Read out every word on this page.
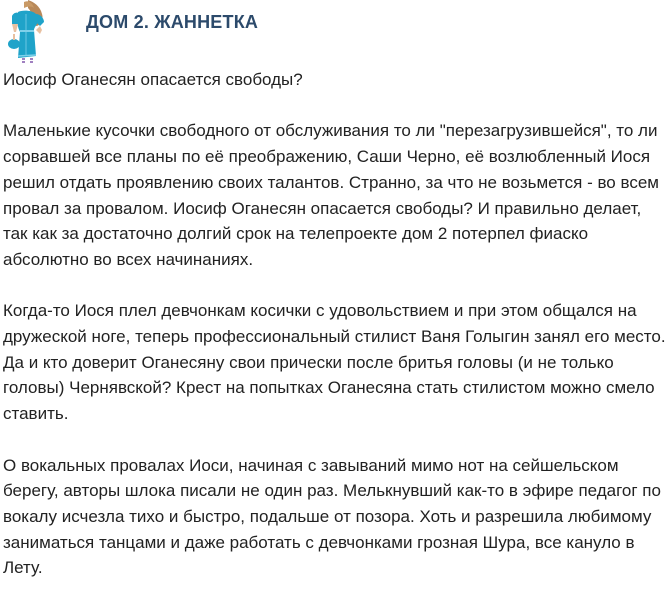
ДОМ 2. ЖАННЕТКА

Иосиф Оганесян опасается свободы?

Маленькие кусочки свободного от обслуживания то ли "перезагрузившейся", то ли сорвавшей все планы по её преображению, Саши Черно, её возлюбленный Иося решил отдать проявлению своих талантов. Странно, за что не возьмется - во всем провал за провалом. Иосиф Оганесян опасается свободы? И правильно делает, так как за достаточно долгий срок на телепроекте дом 2 потерпел фиаско абсолютно во всех начинаниях.

Когда-то Иося плел девчонкам косички с удовольствием и при этом общался на дружеской ноге, теперь профессиональный стилист Ваня Голыгин занял его место. Да и кто доверит Оганесяну свои прически после бритья головы (и не только головы) Чернявской? Крест на попытках Оганесяна стать стилистом можно смело ставить.

О вокальных провалах Иоси, начиная с завываний мимо нот на сейшельском берегу, авторы шлока писали не один раз. Мелькнувший как-то в эфире педагог по вокалу исчезла тихо и быстро, подальше от позора. Хоть и разрешила любимому заниматься танцами и даже работать с девчонками грозная Шура, все кануло в Лету.
